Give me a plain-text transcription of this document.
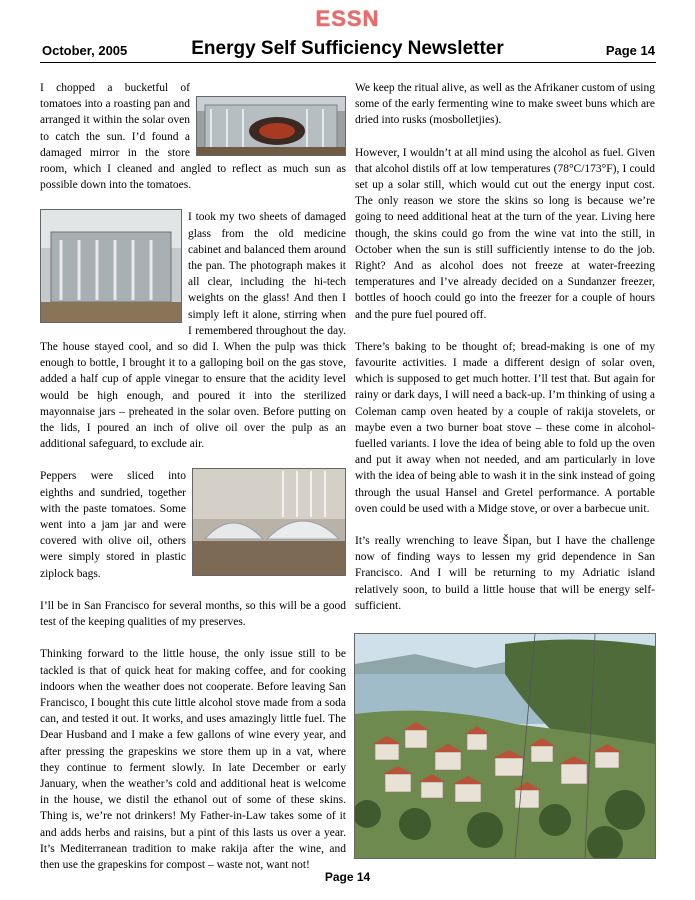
ESSN
October, 2005	Energy Self Sufficiency Newsletter	Page 14

I chopped a bucketful of tomatoes into a roasting pan and arranged it within the solar oven to catch the sun. I’d found a damaged mirror in the store room, which I cleaned and angled to reflect as much sun as possible down into the tomatoes.

I took my two sheets of damaged glass from the old medicine cabinet and balanced them around the pan. The photograph makes it all clear, including the hi-tech weights on the glass! And then I simply left it alone, stirring when I remembered throughout the day. The house stayed cool, and so did I. When the pulp was thick enough to bottle, I brought it to a galloping boil on the gas stove, added a half cup of apple vinegar to ensure that the acidity level would be high enough, and poured it into the sterilized mayonnaise jars – preheated in the solar oven. Before putting on the lids, I poured an inch of olive oil over the pulp as an additional safeguard, to exclude air.

Peppers were sliced into eighths and sundried, together with the paste tomatoes. Some went into a jam jar and were covered with olive oil, others were simply stored in plastic ziplock bags.

I’ll be in San Francisco for several months, so this will be a good test of the keeping qualities of my preserves.

Thinking forward to the little house, the only issue still to be tackled is that of quick heat for making coffee, and for cooking indoors when the weather does not cooperate. Before leaving San Francisco, I bought this cute little alcohol stove made from a soda can, and tested it out. It works, and uses amazingly little fuel. The Dear Husband and I make a few gallons of wine every year, and after pressing the grapeskins we store them up in a vat, where they continue to ferment slowly. In late December or early January, when the weather’s cold and additional heat is welcome in the house, we distil the ethanol out of some of these skins. Thing is, we’re not drinkers! My Father-in-Law takes some of it and adds herbs and raisins, but a pint of this lasts us over a year. It’s Mediterranean tradition to make rakija after the wine, and then use the grapeskins for compost – waste not, want not!

We keep the ritual alive, as well as the Afrikaner custom of using some of the early fermenting wine to make sweet buns which are dried into rusks (mosbolletjies).

However, I wouldn’t at all mind using the alcohol as fuel. Given that alcohol distils off at low temperatures (78°C/173°F), I could set up a solar still, which would cut out the energy input cost. The only reason we store the skins so long is because we’re going to need additional heat at the turn of the year. Living here though, the skins could go from the wine vat into the still, in October when the sun is still sufficiently intense to do the job. Right? And as alcohol does not freeze at water-freezing temperatures and I’ve already decided on a Sundanzer freezer, bottles of hooch could go into the freezer for a couple of hours and the pure fuel poured off.

There’s baking to be thought of; bread-making is one of my favourite activities. I made a different design of solar oven, which is supposed to get much hotter. I’ll test that. But again for rainy or dark days, I will need a back-up. I’m thinking of using a Coleman camp oven heated by a couple of rakija stovelets, or maybe even a two burner boat stove – these come in alcohol-fuelled variants. I love the idea of being able to fold up the oven and put it away when not needed, and am particularly in love with the idea of being able to wash it in the sink instead of going through the usual Hansel and Gretel performance. A portable oven could be used with a Midge stove, or over a barbecue unit.

It’s really wrenching to leave Šipan, but I have the challenge now of finding ways to lessen my grid dependence in San Francisco. And I will be returning to my Adriatic island relatively soon, to build a little house that will be energy self-sufficient.

Page 14
